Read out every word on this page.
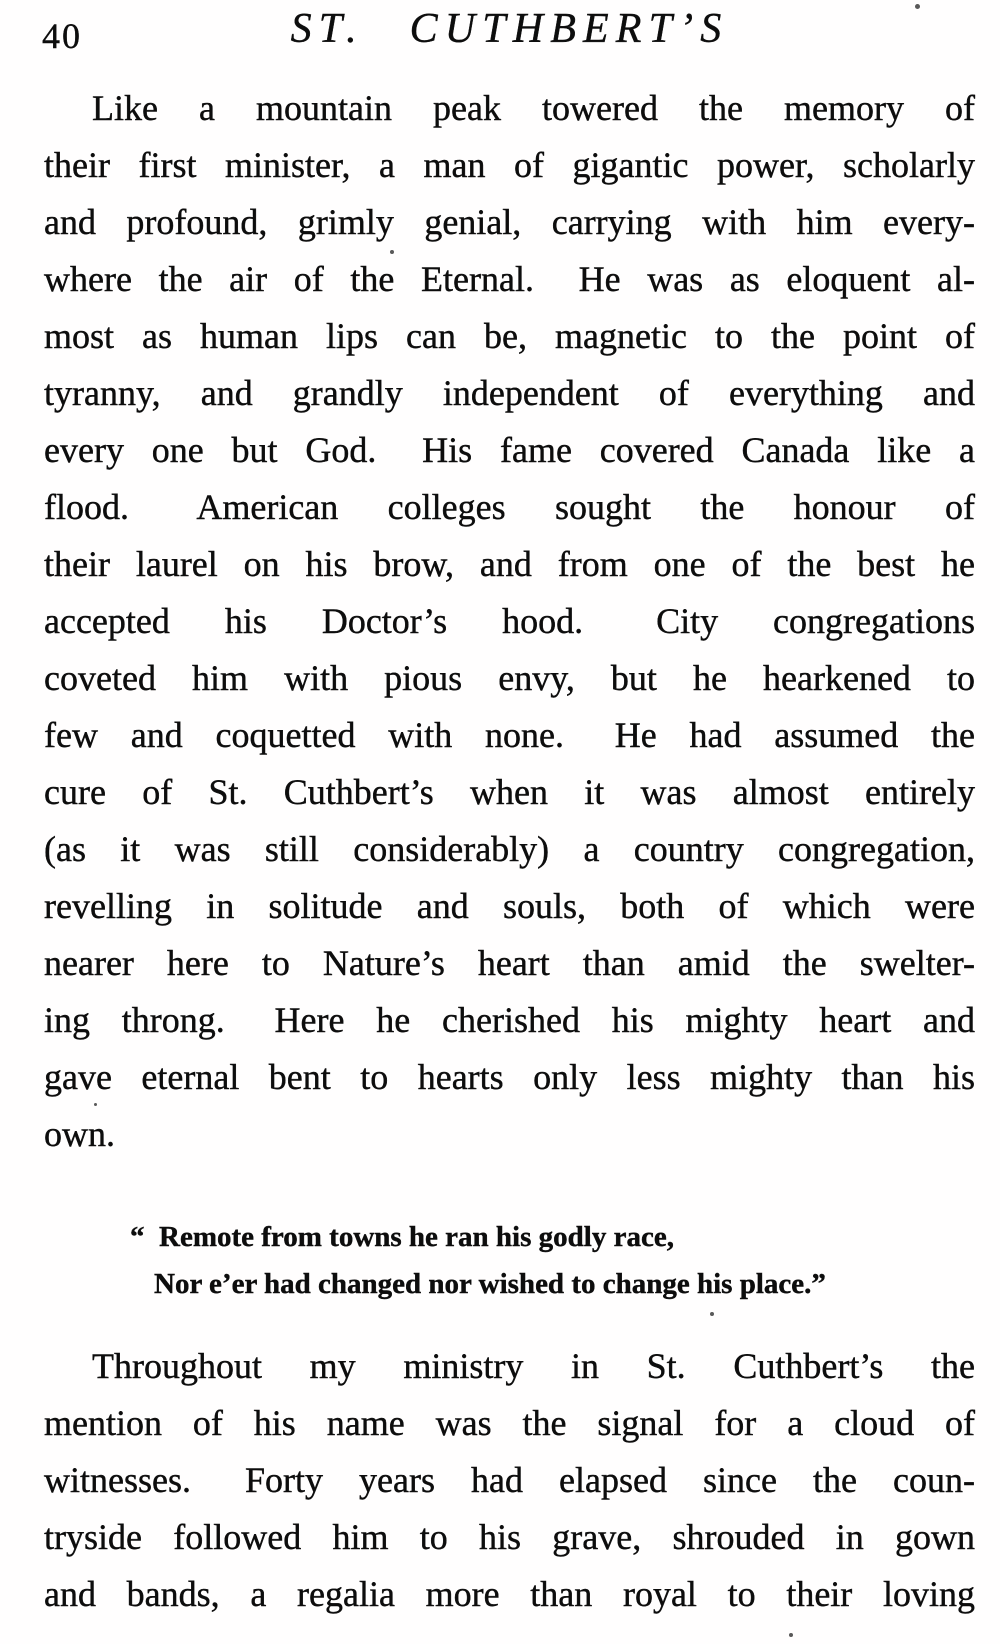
40	ST.  CUTHBERT’S
Like a mountain peak towered the memory of
their first minister, a man of gigantic power, scholarly
and profound, grimly genial, carrying with him every-
where the air of the Eternal.  He was as eloquent al-
most as human lips can be, magnetic to the point of
tyranny, and grandly independent of everything and
every one but God.  His fame covered Canada like a
flood.  American colleges sought the honour of
their laurel on his brow, and from one of the best he
accepted his Doctor’s hood.  City congregations
coveted him with pious envy, but he hearkened to
few and coquetted with none.  He had assumed the
cure of St. Cuthbert’s when it was almost entirely
(as it was still considerably) a country congregation,
revelling in solitude and souls, both of which were
nearer here to Nature’s heart than amid the swelter-
ing throng.  Here he cherished his mighty heart and
gave eternal bent to hearts only less mighty than his
own.
“ Remote from towns he ran his godly race,
Nor e’er had changed nor wished to change his place.”
Throughout my ministry in St. Cuthbert’s the
mention of his name was the signal for a cloud of
witnesses.  Forty years had elapsed since the coun-
tryside followed him to his grave, shrouded in gown
and bands, a regalia more than royal to their loving
